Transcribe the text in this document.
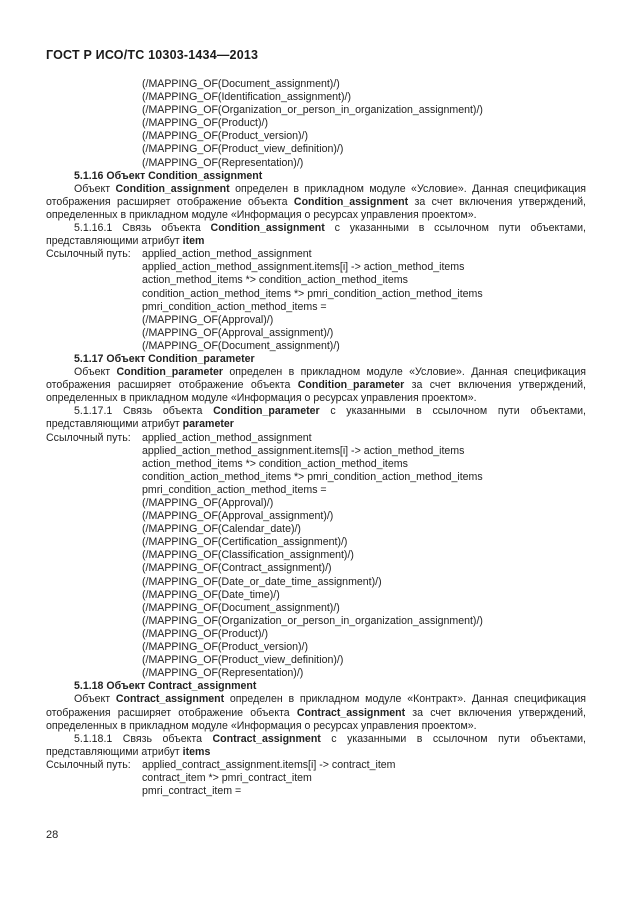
ГОСТ Р ИСО/ТС 10303-1434—2013
(/MAPPING_OF(Document_assignment)/)
(/MAPPING_OF(Identification_assignment)/)
(/MAPPING_OF(Organization_or_person_in_organization_assignment)/)
(/MAPPING_OF(Product)/)
(/MAPPING_OF(Product_version)/)
(/MAPPING_OF(Product_view_definition)/)
(/MAPPING_OF(Representation)/)
5.1.16 Объект Condition_assignment
Объект Condition_assignment определен в прикладном модуле «Условие». Данная спецификация отображения расширяет отображение объекта Condition_assignment за счет включения утверждений, определенных в прикладном модуле «Информация о ресурсах управления проектом».
5.1.16.1 Связь объекта Condition_assignment с указанными в ссылочном пути объектами, представляющими атрибут item
Ссылочный путь: applied_action_method_assignment
applied_action_method_assignment.items[i] -> action_method_items
action_method_items *> condition_action_method_items
condition_action_method_items *> pmri_condition_action_method_items
pmri_condition_action_method_items =
(/MAPPING_OF(Approval)/)
(/MAPPING_OF(Approval_assignment)/)
(/MAPPING_OF(Document_assignment)/)
5.1.17 Объект Condition_parameter
Объект Condition_parameter определен в прикладном модуле «Условие». Данная спецификация отображения расширяет отображение объекта Condition_parameter за счет включения утверждений, определенных в прикладном модуле «Информация о ресурсах управления проектом».
5.1.17.1 Связь объекта Condition_parameter с указанными в ссылочном пути объектами, представляющими атрибут parameter
Ссылочный путь: applied_action_method_assignment
applied_action_method_assignment.items[i] -> action_method_items
action_method_items *> condition_action_method_items
condition_action_method_items *> pmri_condition_action_method_items
pmri_condition_action_method_items =
(/MAPPING_OF(Approval)/)
(/MAPPING_OF(Approval_assignment)/)
(/MAPPING_OF(Calendar_date)/)
(/MAPPING_OF(Certification_assignment)/)
(/MAPPING_OF(Classification_assignment)/)
(/MAPPING_OF(Contract_assignment)/)
(/MAPPING_OF(Date_or_date_time_assignment)/)
(/MAPPING_OF(Date_time)/)
(/MAPPING_OF(Document_assignment)/)
(/MAPPING_OF(Organization_or_person_in_organization_assignment)/)
(/MAPPING_OF(Product)/)
(/MAPPING_OF(Product_version)/)
(/MAPPING_OF(Product_view_definition)/)
(/MAPPING_OF(Representation)/)
5.1.18 Объект Contract_assignment
Объект Contract_assignment определен в прикладном модуле «Контракт». Данная спецификация отображения расширяет отображение объекта Contract_assignment за счет включения утверждений, определенных в прикладном модуле «Информация о ресурсах управления проектом».
5.1.18.1 Связь объекта Contract_assignment с указанными в ссылочном пути объектами, представляющими атрибут items
Ссылочный путь: applied_contract_assignment.items[i] -> contract_item
contract_item *> pmri_contract_item
pmri_contract_item =
28
